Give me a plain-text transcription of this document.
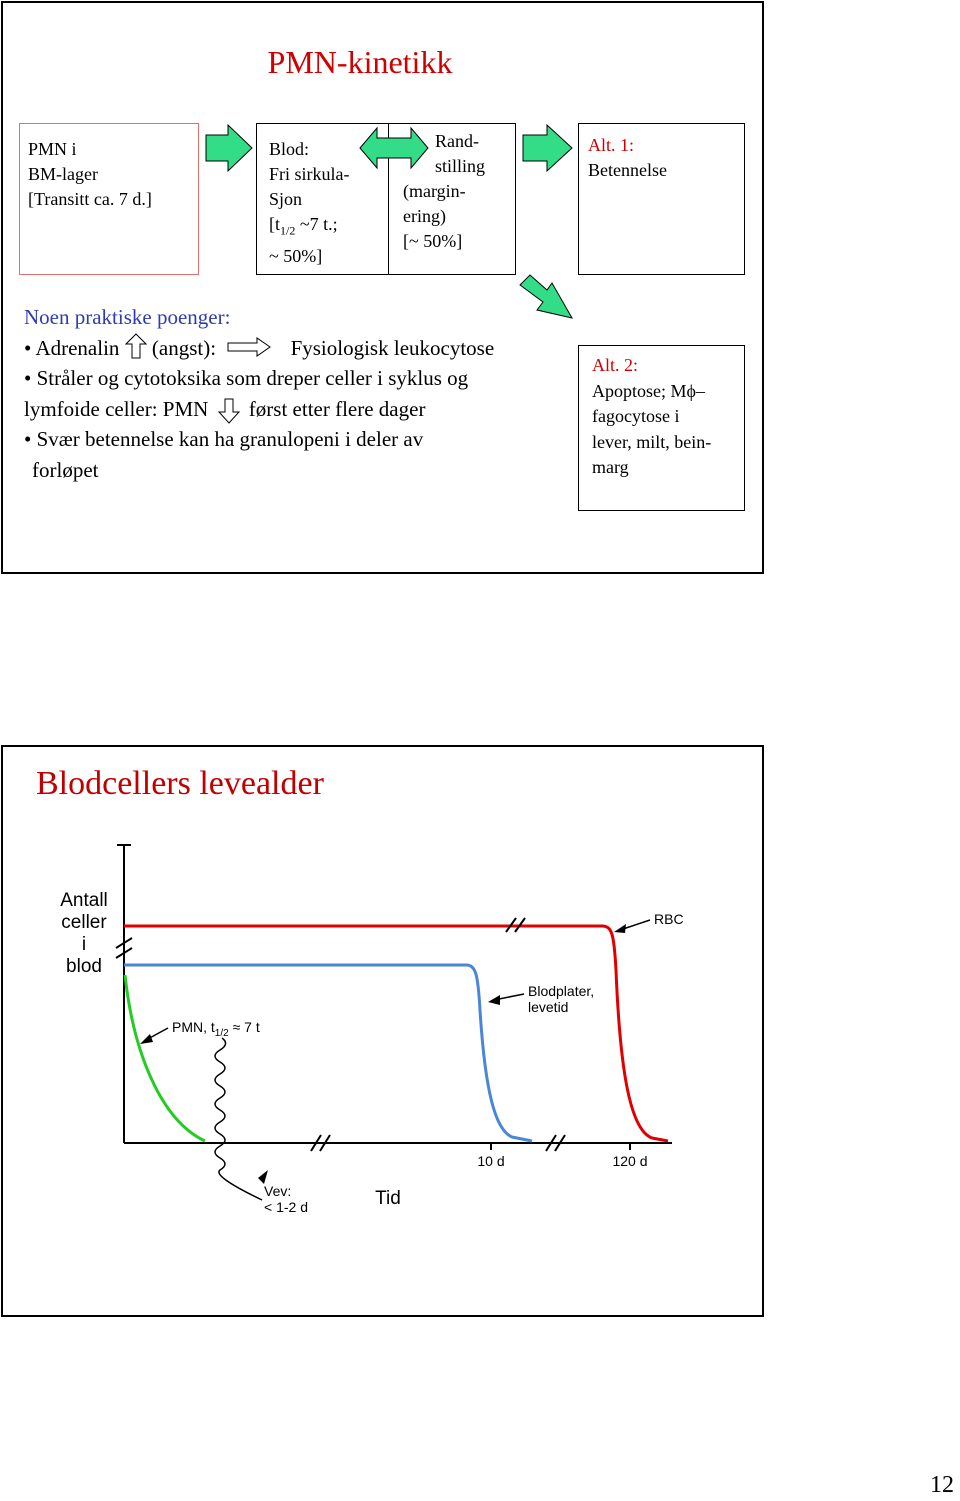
PMN-kinetikk
PMN i
BM-lager
[Transitt ca. 7 d.]
Blod:
Fri sirkula-
Sjon
[$t_{1/2}$ ~7 t.;
~ 50%]
Rand-
stilling
(margin-
ering)
[~ 50%]
Alt. 1:
Betennelse
Alt. 2:
Apoptose; Mϕ–
fagocytose i
lever, milt, bein-
marg
Noen praktiske poenger:
• Adrenalin (angst):	Fysiologisk leukocytose
• Stråler og cytotoksika som dreper celler i syklus og
lymfoide celler: PMN først etter flere dager
• Svær betennelse kan ha granulopeni i deler av
forløpet
Blodcellers levealder
Antall
celler
i
blod
10 d	120 d
Tid
RBC
Blodplater,
levetid
PMN, $t_{1/2} \approx 7$ t
Vev:
< 1-2 d
12
